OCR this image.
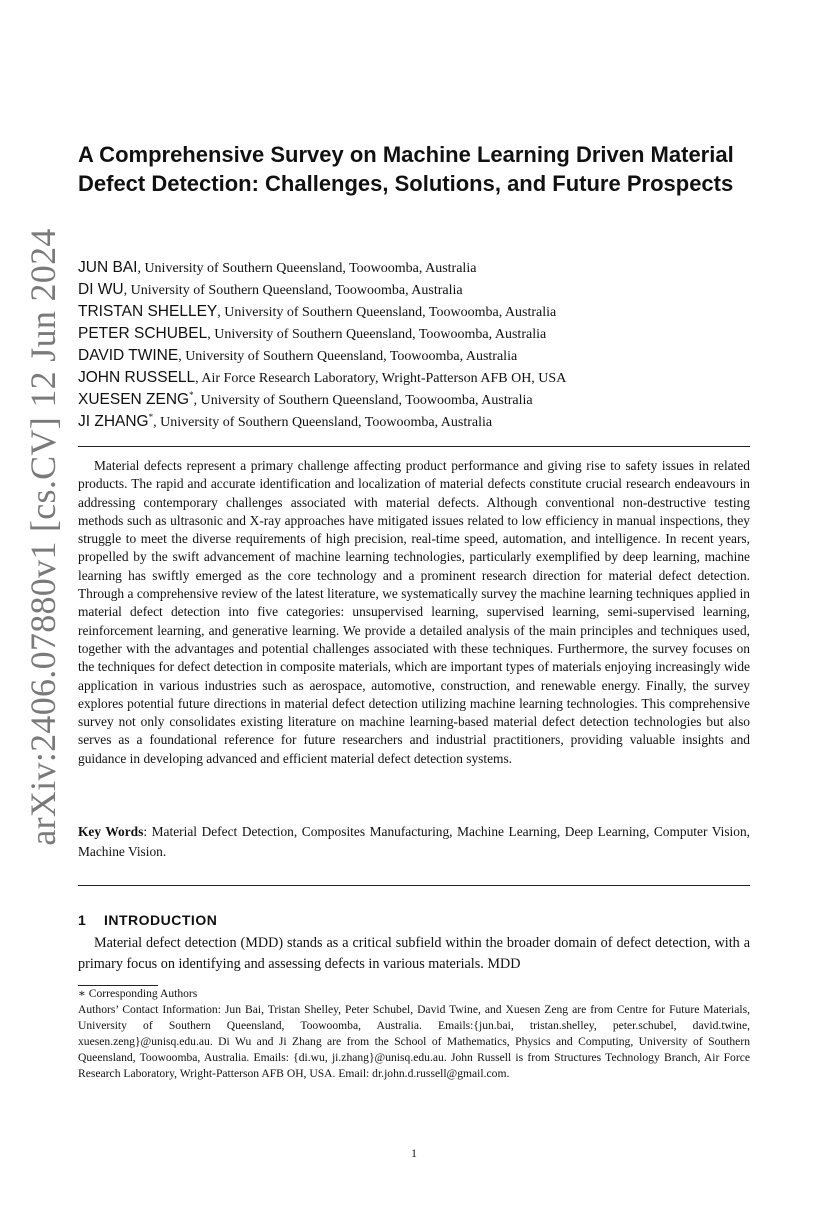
arXiv:2406.07880v1 [cs.CV] 12 Jun 2024
A Comprehensive Survey on Machine Learning Driven Material Defect Detection: Challenges, Solutions, and Future Prospects
JUN BAI, University of Southern Queensland, Toowoomba, Australia
DI WU, University of Southern Queensland, Toowoomba, Australia
TRISTAN SHELLEY, University of Southern Queensland, Toowoomba, Australia
PETER SCHUBEL, University of Southern Queensland, Toowoomba, Australia
DAVID TWINE, University of Southern Queensland, Toowoomba, Australia
JOHN RUSSELL, Air Force Research Laboratory, Wright-Patterson AFB OH, USA
XUESEN ZENG*, University of Southern Queensland, Toowoomba, Australia
JI ZHANG*, University of Southern Queensland, Toowoomba, Australia

Material defects represent a primary challenge affecting product performance and giving rise to safety issues in related products. The rapid and accurate identification and localization of material defects constitute crucial research endeavours in addressing contemporary challenges associated with material defects. Although conventional non-destructive testing methods such as ultrasonic and X-ray approaches have mitigated issues related to low efficiency in manual inspections, they struggle to meet the diverse requirements of high precision, real-time speed, automation, and intelligence. In recent years, propelled by the swift advancement of machine learning technologies, particularly exemplified by deep learning, machine learning has swiftly emerged as the core technology and a prominent research direction for material defect detection. Through a comprehensive review of the latest literature, we systematically survey the machine learning techniques applied in material defect detection into five categories: unsupervised learning, supervised learning, semi-supervised learning, reinforcement learning, and generative learning. We provide a detailed analysis of the main principles and techniques used, together with the advantages and potential challenges associated with these techniques. Furthermore, the survey focuses on the techniques for defect detection in composite materials, which are important types of materials enjoying increasingly wide application in various industries such as aerospace, automotive, construction, and renewable energy. Finally, the survey explores potential future directions in material defect detection utilizing machine learning technologies. This comprehensive survey not only consolidates existing literature on machine learning-based material defect detection technologies but also serves as a foundational reference for future researchers and industrial practitioners, providing valuable insights and guidance in developing advanced and efficient material defect detection systems.

Key Words: Material Defect Detection, Composites Manufacturing, Machine Learning, Deep Learning, Computer Vision, Machine Vision.

1 INTRODUCTION

Material defect detection (MDD) stands as a critical subfield within the broader domain of defect detection, with a primary focus on identifying and assessing defects in various materials. MDD

∗ Corresponding Authors

Authors’ Contact Information: Jun Bai, Tristan Shelley, Peter Schubel, David Twine, and Xuesen Zeng are from Centre for Future Materials, University of Southern Queensland, Toowoomba, Australia. Emails:{jun.bai, tristan.shelley, peter.schubel, david.twine, xuesen.zeng}@unisq.edu.au. Di Wu and Ji Zhang are from the School of Mathematics, Physics and Computing, University of Southern Queensland, Toowoomba, Australia. Emails: {di.wu, ji.zhang}@unisq.edu.au. John Russell is from Structures Technology Branch, Air Force Research Laboratory, Wright-Patterson AFB OH, USA. Email: dr.john.d.russell@gmail.com.

1
